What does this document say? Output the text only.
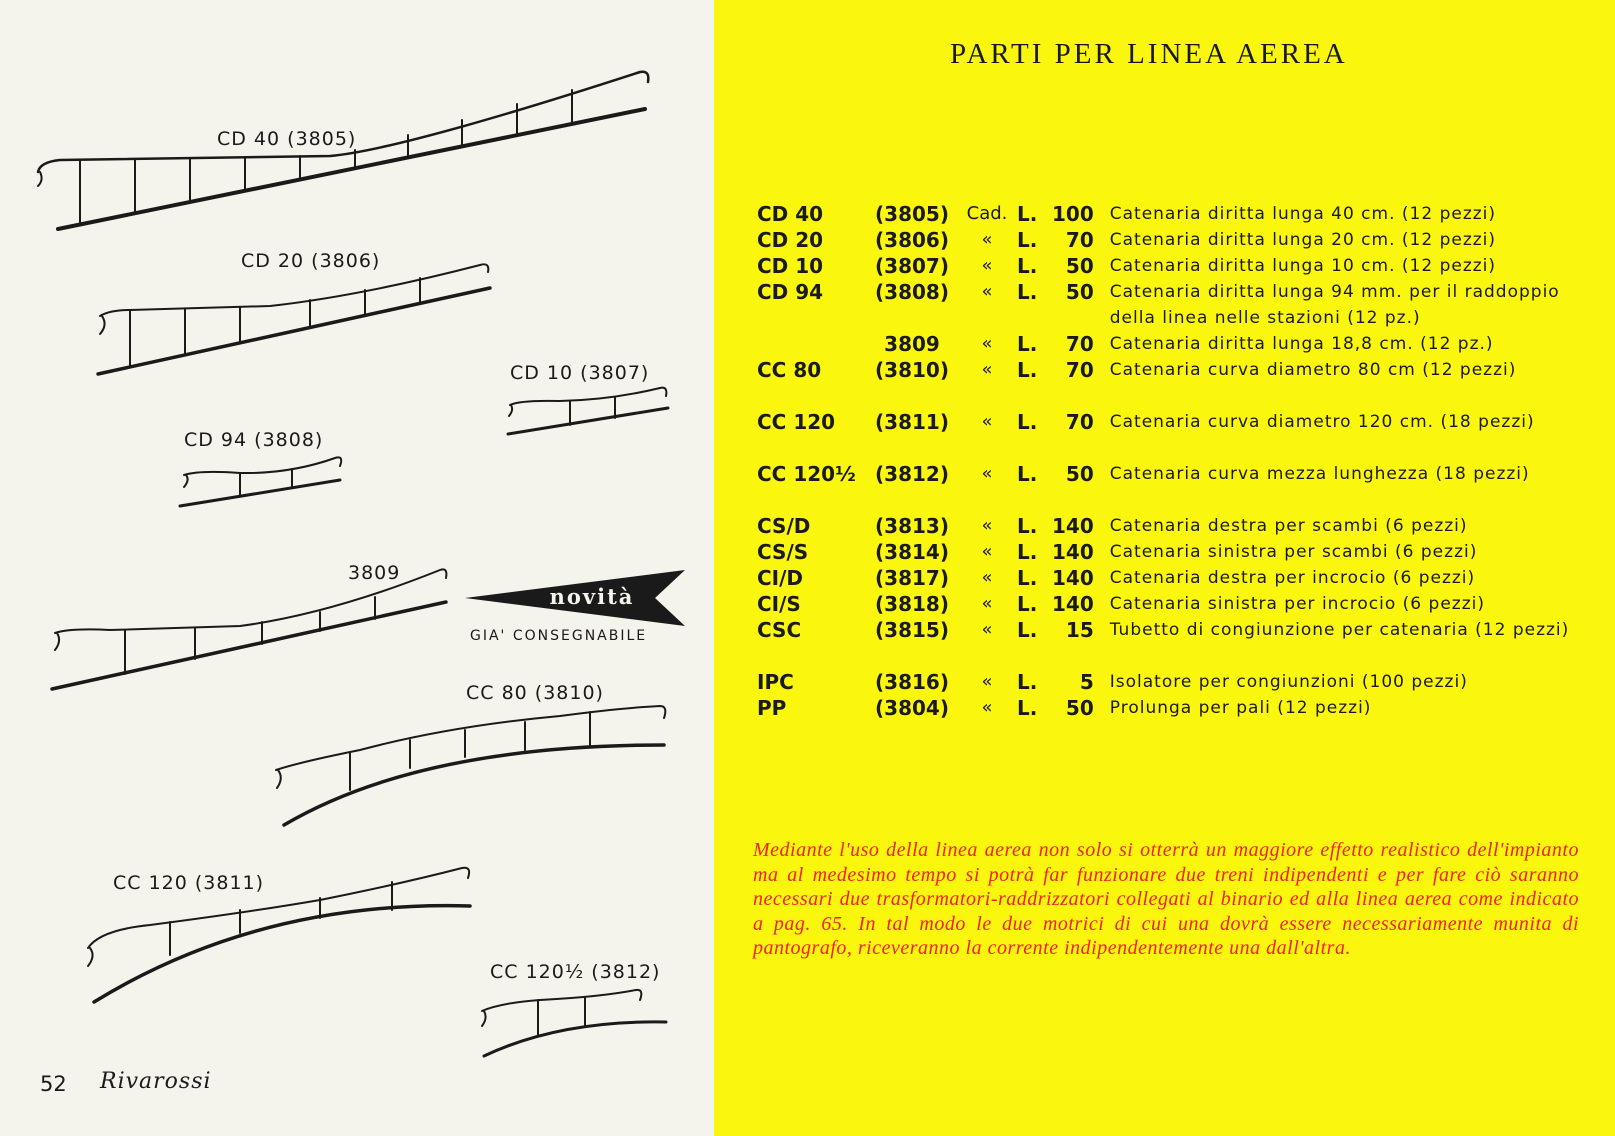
CD 40 (3805)
CD 20 (3806)
CD 10 (3807)
CD 94 (3808)
3809
CC 80 (3810)
CC 120 (3811)
CC 120½ (3812)
novità
GIA' CONSEGNABILE
52 Rivarossi
PARTI PER LINEA AEREA
CD 40	(3805)	Cad.	L.	100	Catenaria diritta lunga 40 cm. (12 pezzi)
CD 20	(3806)	«	L.	70	Catenaria diritta lunga 20 cm. (12 pezzi)
CD 10	(3807)	«	L.	50	Catenaria diritta lunga 10 cm. (12 pezzi)
CD 94	(3808)	«	L.	50	Catenaria diritta lunga 94 mm. per il raddoppio della linea nelle stazioni (12 pz.)
	3809	«	L.	70	Catenaria diritta lunga 18,8 cm. (12 pz.)
CC 80	(3810)	«	L.	70	Catenaria curva diametro 80 cm (12 pezzi)
CC 120	(3811)	«	L.	70	Catenaria curva diametro 120 cm. (18 pezzi)
CC 120½	(3812)	«	L.	50	Catenaria curva mezza lunghezza (18 pezzi)
CS/D	(3813)	«	L.	140	Catenaria destra per scambi (6 pezzi)
CS/S	(3814)	«	L.	140	Catenaria sinistra per scambi (6 pezzi)
CI/D	(3817)	«	L.	140	Catenaria destra per incrocio (6 pezzi)
CI/S	(3818)	«	L.	140	Catenaria sinistra per incrocio (6 pezzi)
CSC	(3815)	«	L.	15	Tubetto di congiunzione per catenaria (12 pezzi)
IPC	(3816)	«	L.	5	Isolatore per congiunzioni (100 pezzi)
PP	(3804)	«	L.	50	Prolunga per pali (12 pezzi)
Mediante l'uso della linea aerea non solo si otterrà un maggiore effetto realistico dell'impianto ma al medesimo tempo si potrà far funzionare due treni indipendenti e per fare ciò saranno necessari due trasformatori-raddrizzatori collegati al binario ed alla linea aerea come indicato a pag. 65. In tal modo le due motrici di cui una dovrà essere necessariamente munita di pantografo, riceveranno la corrente indipendentemente una dall'altra.
